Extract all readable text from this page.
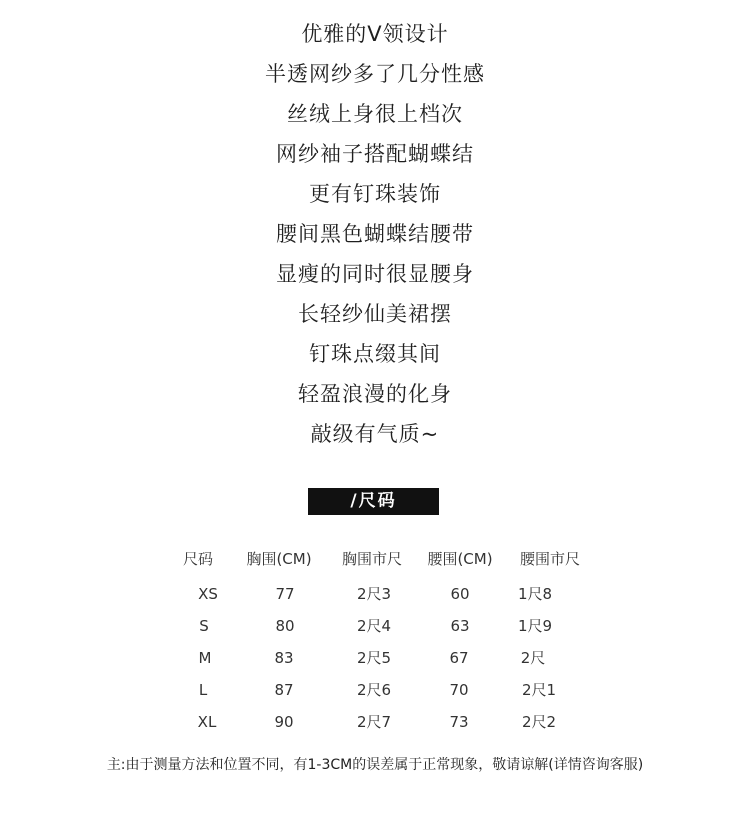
优雅的V领设计
半透网纱多了几分性感
丝绒上身很上档次
网纱袖子搭配蝴蝶结
更有钉珠装饰
腰间黑色蝴蝶结腰带
显瘦的同时很显腰身
长轻纱仙美裙摆
钉珠点缀其间
轻盈浪漫的化身
敲级有气质~
/尺码
尺码 胸围(CM) 胸围市尺 腰围(CM) 腰围市尺
XS	77	2尺3	60	1尺8
S	80	2尺4	63	1尺9
M	83	2尺5	67	2尺
L	87	2尺6	70	2尺1
XL	90	2尺7	73	2尺2
主:由于测量方法和位置不同，有1-3CM的误差属于正常现象，敬请谅解(详情咨询客服)
